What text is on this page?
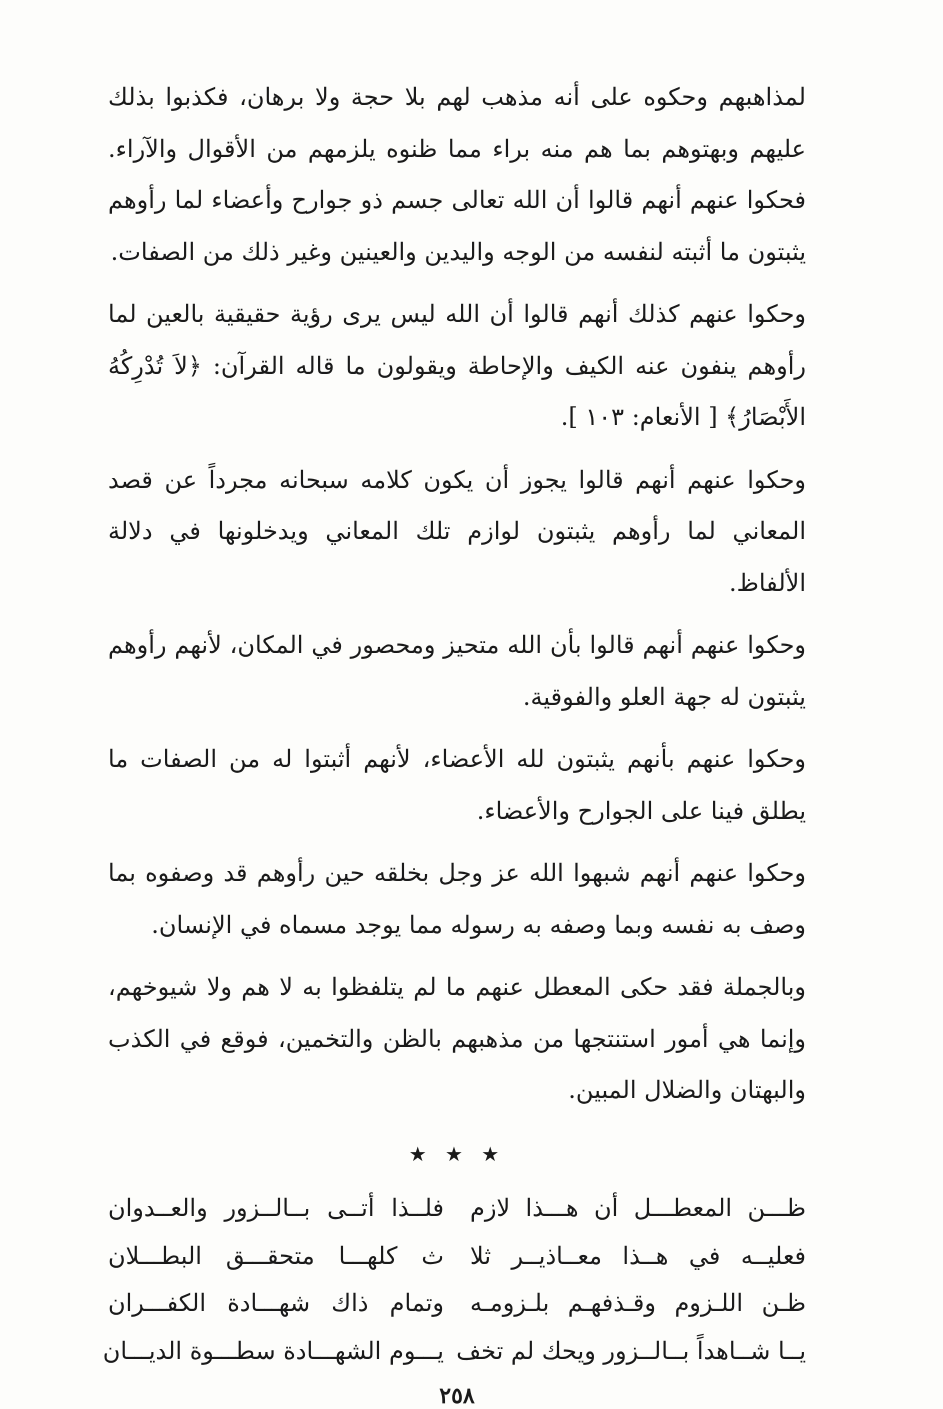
لمذاهبهم وحكوه على أنه مذهب لهم بلا حجة ولا برهان، فكذبوا بذلك عليهم وبهتوهم بما هم منه براء مما ظنوه يلزمهم من الأقوال والآراء. فحكوا عنهم أنهم قالوا أن الله تعالى جسم ذو جوارح وأعضاء لما رأوهم يثبتون ما أثبته لنفسه من الوجه واليدين والعينين وغير ذلك من الصفات.

وحكوا عنهم كذلك أنهم قالوا أن الله ليس يرى رؤية حقيقية بالعين لما رأوهم ينفون عنه الكيف والإحاطة ويقولون ما قاله القرآن: ﴿لاَ تُدْرِكُهُ الأَبْصَارُ﴾ [ الأنعام: ١٠٣ ].

وحكوا عنهم أنهم قالوا يجوز أن يكون كلامه سبحانه مجرداً عن قصد المعاني لما رأوهم يثبتون لوازم تلك المعاني ويدخلونها في دلالة الألفاظ.

وحكوا عنهم أنهم قالوا بأن الله متحيز ومحصور في المكان، لأنهم رأوهم يثبتون له جهة العلو والفوقية.

وحكوا عنهم بأنهم يثبتون لله الأعضاء، لأنهم أثبتوا له من الصفات ما يطلق فينا على الجوارح والأعضاء.

وحكوا عنهم أنهم شبهوا الله عز وجل بخلقه حين رأوهم قد وصفوه بما وصف به نفسه وبما وصفه به رسوله مما يوجد مسماه في الإنسان.

وبالجملة فقد حكى المعطل عنهم ما لم يتلفظوا به لا هم ولا شيوخهم، وإنما هي أمور استنتجها من مذهبهم بالظن والتخمين، فوقع في الكذب والبهتان والضلال المبين.

★ ★ ★
ظـــن المعطـــل أن هـــذا لازم
فلــذا أتــى بــالــزور والعــدوان
فعليــه في هــذا معــاذيــر ثلا
ث كلهـــا متحقـــق البطـــلان
ظـن اللـزوم وقـذفهـم بلـزومـه
وتمام ذاك شهـــادة الكفـــران
يــا شــاهداً بــالــزور ويحك لم تخف
يـــوم الشهـــادة سطـــوة الديـــان
٢٥٨
